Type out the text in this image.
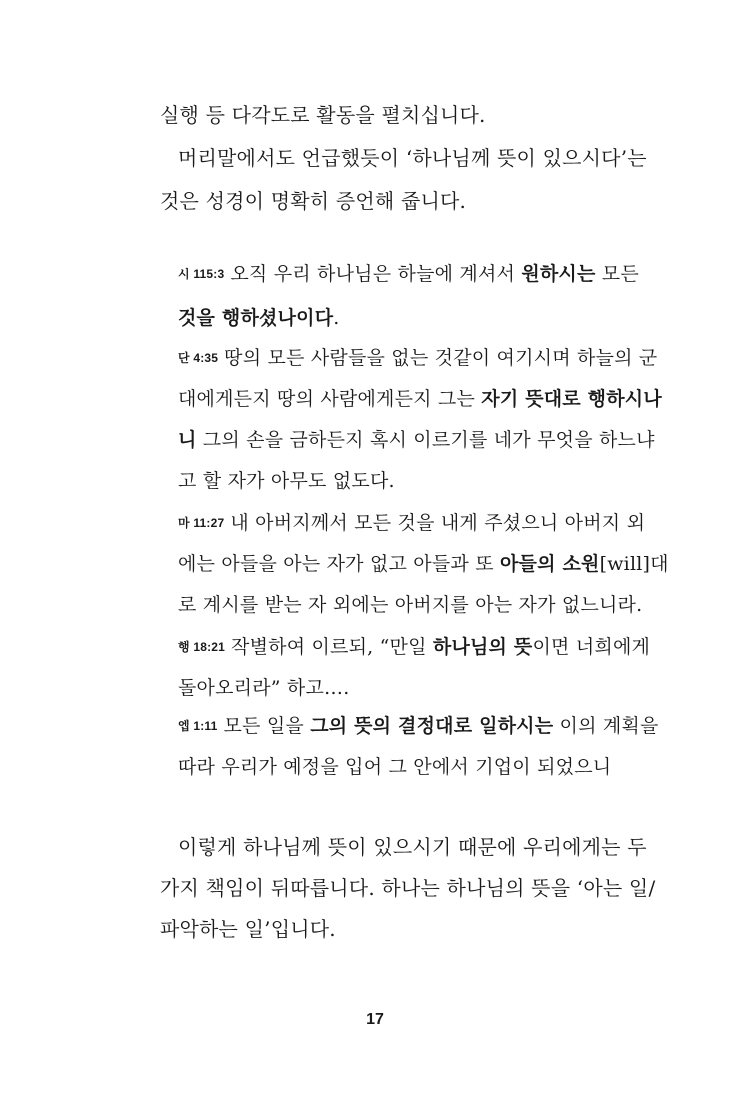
실행 등 다각도로 활동을 펼치십니다.
머리말에서도 언급했듯이 ‘하나님께 뜻이 있으시다’는
것은 성경이 명확히 증언해 줍니다.
시 115:3 오직 우리 하나님은 하늘에 계셔서 원하시는 모든
것을 행하셨나이다.
단 4:35 땅의 모든 사람들을 없는 것같이 여기시며 하늘의 군
대에게든지 땅의 사람에게든지 그는 자기 뜻대로 행하시나
니 그의 손을 금하든지 혹시 이르기를 네가 무엇을 하느냐
고 할 자가 아무도 없도다.
마 11:27 내 아버지께서 모든 것을 내게 주셨으니 아버지 외
에는 아들을 아는 자가 없고 아들과 또 아들의 소원[will]대
로 계시를 받는 자 외에는 아버지를 아는 자가 없느니라.
행 18:21 작별하여 이르되, “만일 하나님의 뜻이면 너희에게
돌아오리라” 하고….
엡 1:11 모든 일을 그의 뜻의 결정대로 일하시는 이의 계획을
따라 우리가 예정을 입어 그 안에서 기업이 되었으니
이렇게 하나님께 뜻이 있으시기 때문에 우리에게는 두
가지 책임이 뒤따릅니다. 하나는 하나님의 뜻을 ‘아는 일/
파악하는 일’입니다.
17
